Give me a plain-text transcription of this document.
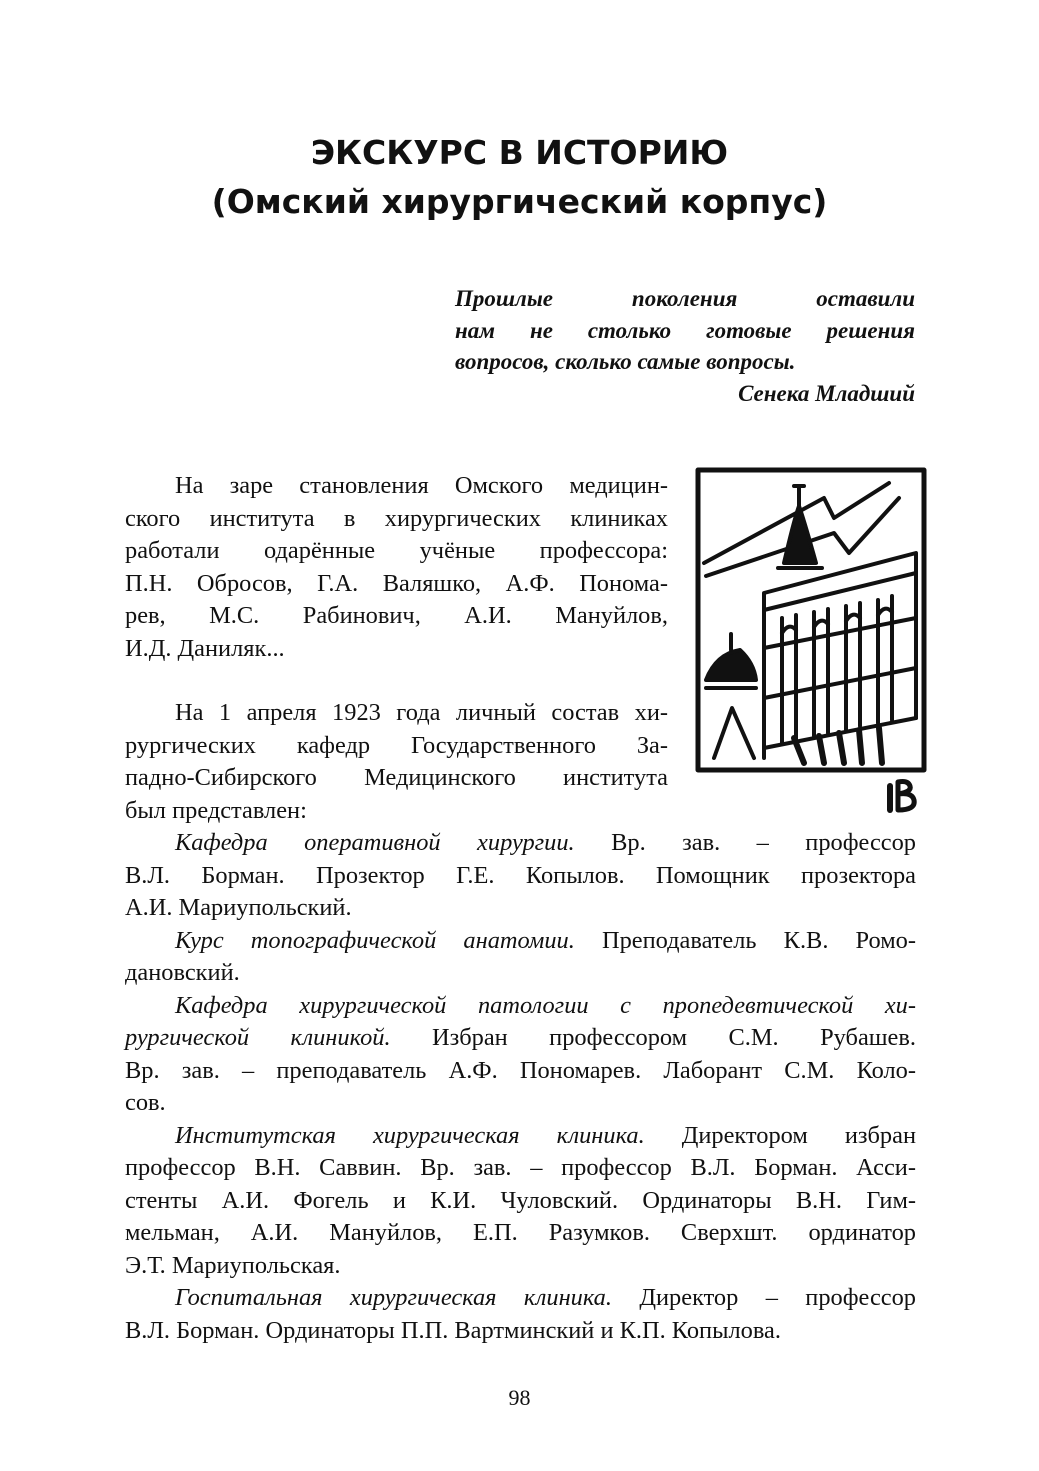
ЭКСКУРС В ИСТОРИЮ
(Омский хирургический корпус)
Прошлые поколения оставили
нам не столько готовые решения
вопросов, сколько самые вопросы.
Сенека Младший
На заре становления Омского медицин-
ского института в хирургических клиниках
работали одарённые учёные профессора:
П.Н. Обросов, Г.А. Валяшко, А.Ф. Понома-
рев, М.С. Рабинович, А.И. Мануйлов,
И.Д. Даниляк...
На 1 апреля 1923 года личный состав хи-
рургических кафедр Государственного За-
падно-Сибирского Медицинского института
был представлен:
Кафедра оперативной хирургии. Вр. зав. – профессор
В.Л. Борман. Прозектор Г.Е. Копылов. Помощник прозектора
А.И. Мариупольский.
Курс топографической анатомии. Преподаватель К.В. Ромо-
дановский.
Кафедра хирургической патологии с пропедевтической хи-
рургической клиникой. Избран профессором С.М. Рубашев.
Вр. зав. – преподаватель А.Ф. Пономарев. Лаборант С.М. Коло-
сов.
Институтская хирургическая клиника. Директором избран
профессор В.Н. Саввин. Вр. зав. – профессор В.Л. Борман. Асси-
стенты А.И. Фогель и К.И. Чуловский. Ординаторы В.Н. Гим-
мельман, А.И. Мануйлов, Е.П. Разумков. Сверхшт. ординатор
Э.Т. Мариупольская.
Госпитальная хирургическая клиника. Директор – профессор
В.Л. Борман. Ординаторы П.П. Вартминский и К.П. Копылова.
98
